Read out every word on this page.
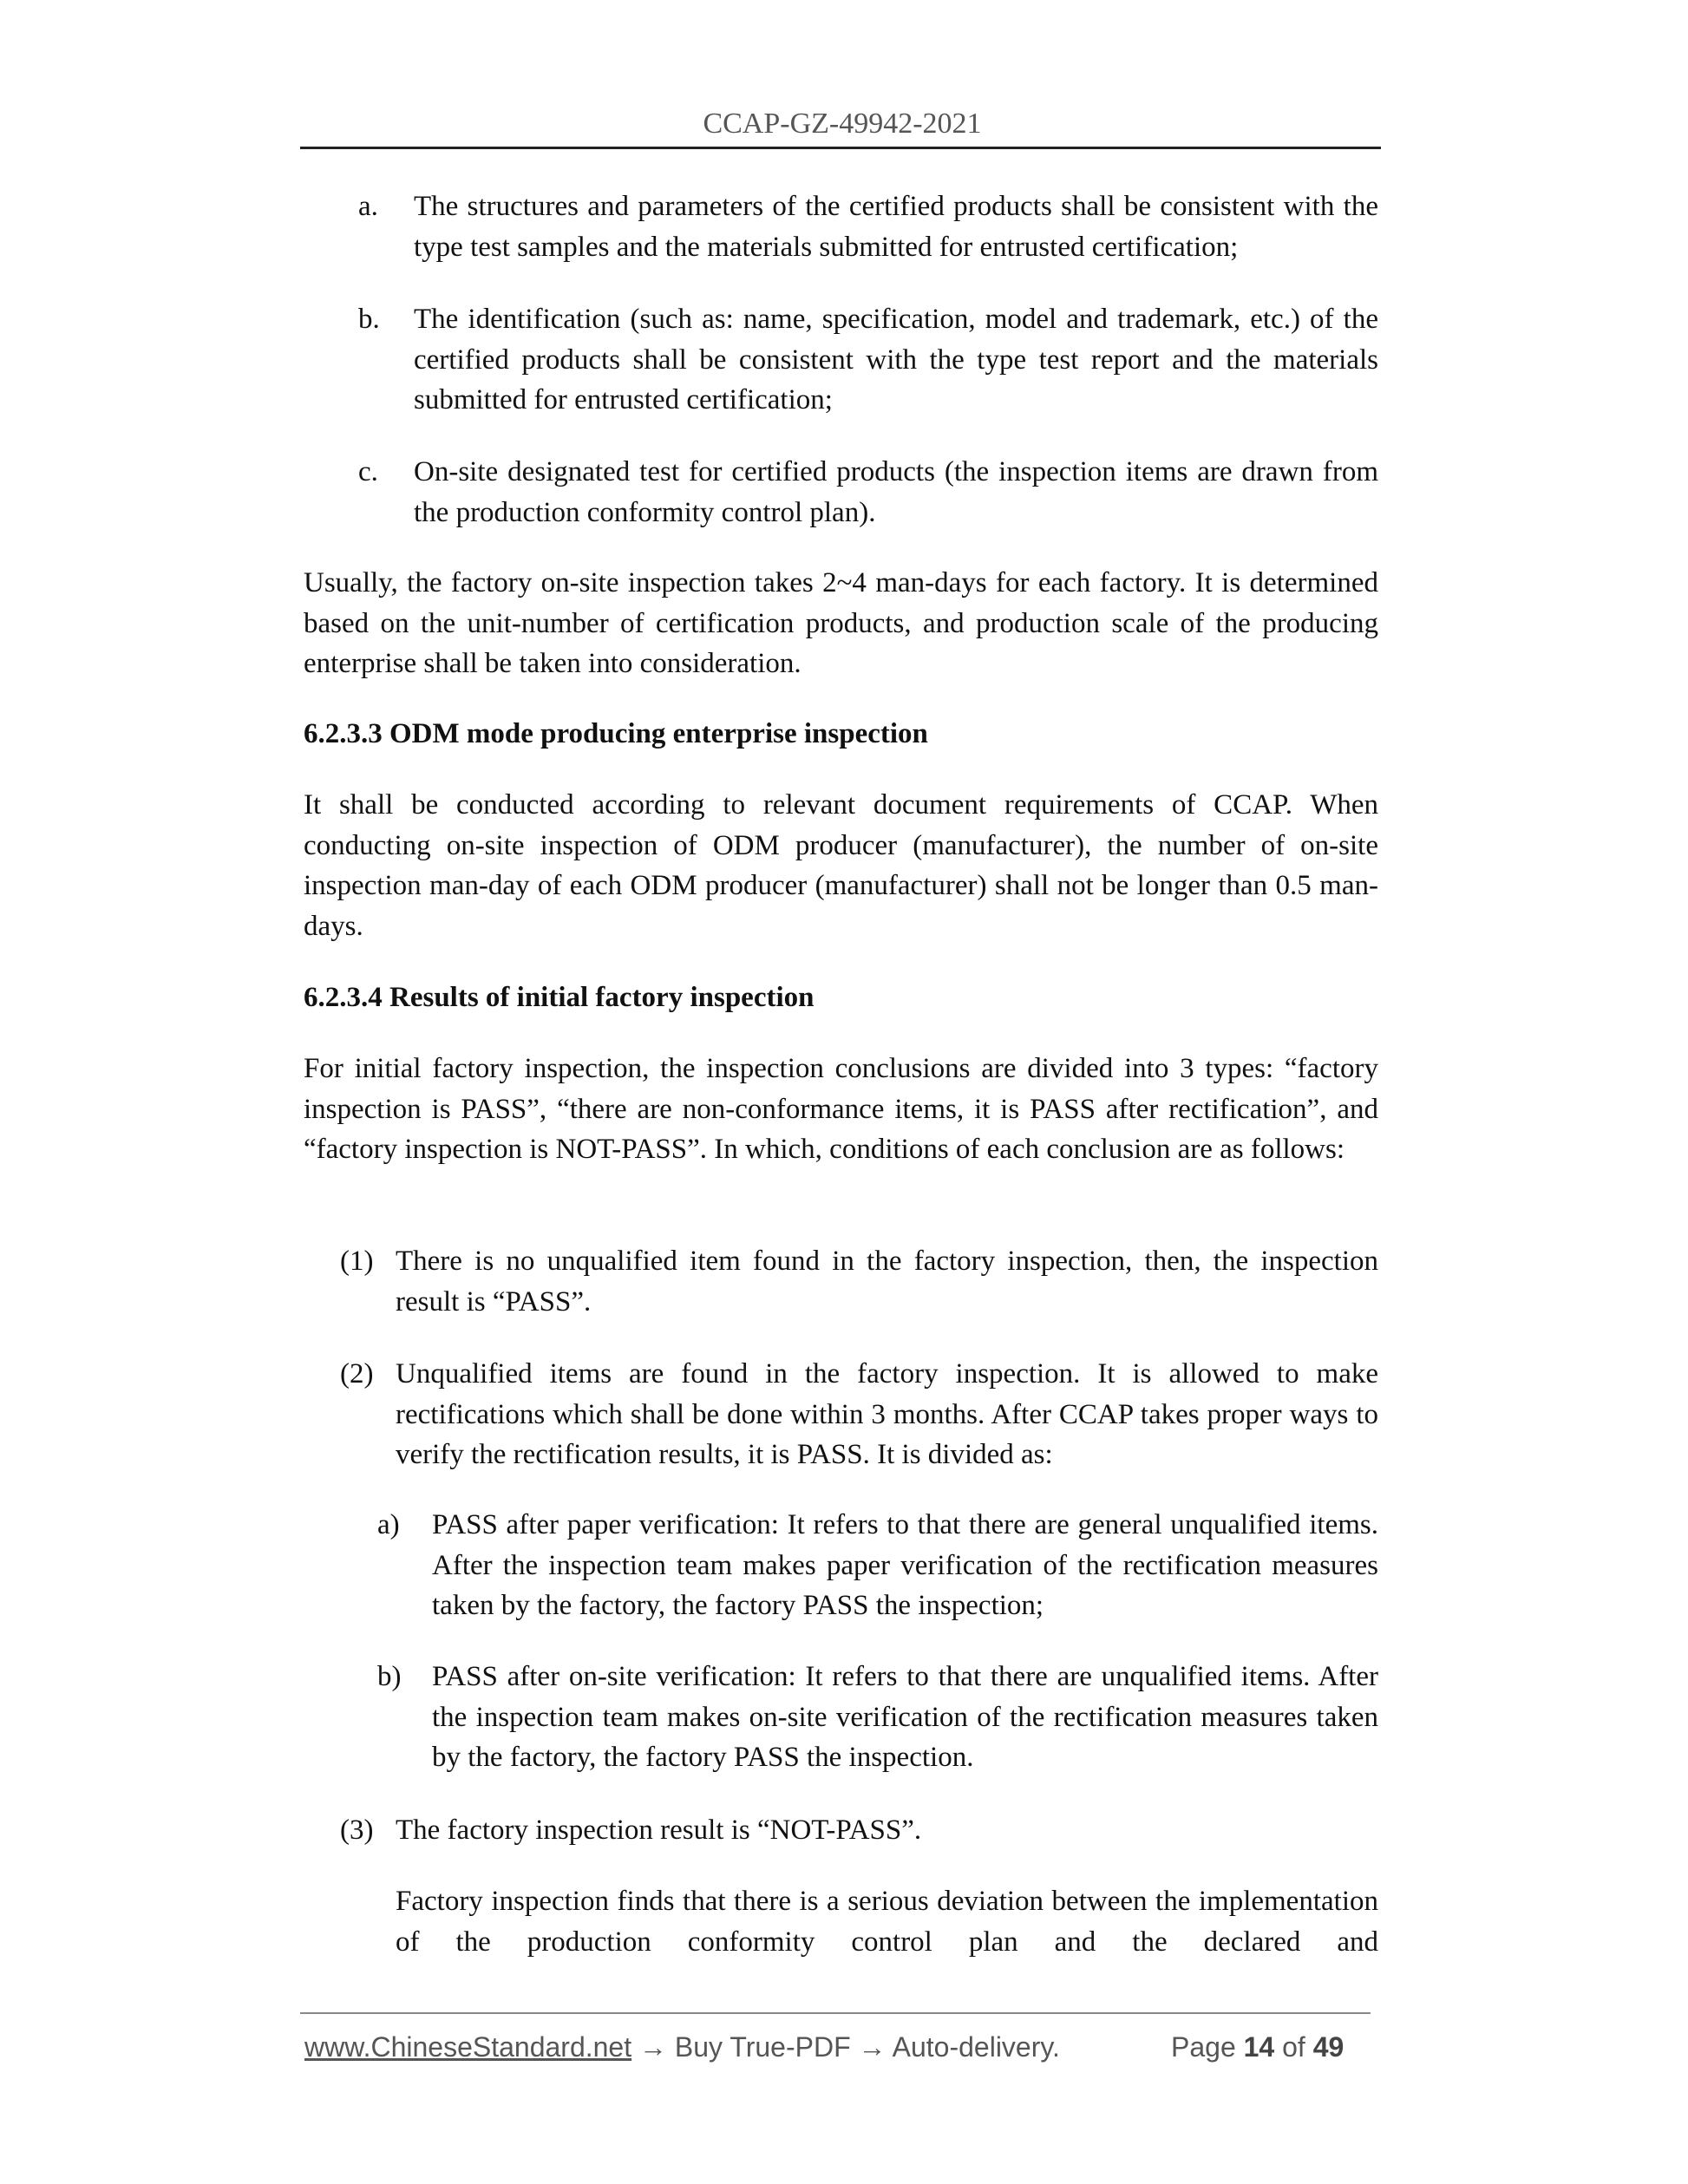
CCAP-GZ-49942-2021
a. The structures and parameters of the certified products shall be consistent with the type test samples and the materials submitted for entrusted certification;
b. The identification (such as: name, specification, model and trademark, etc.) of the certified products shall be consistent with the type test report and the materials submitted for entrusted certification;
c. On-site designated test for certified products (the inspection items are drawn from the production conformity control plan).
Usually, the factory on-site inspection takes 2~4 man-days for each factory. It is determined based on the unit-number of certification products, and production scale of the producing enterprise shall be taken into consideration.
6.2.3.3 ODM mode producing enterprise inspection
It shall be conducted according to relevant document requirements of CCAP. When conducting on-site inspection of ODM producer (manufacturer), the number of on-site inspection man-day of each ODM producer (manufacturer) shall not be longer than 0.5 man-days.
6.2.3.4 Results of initial factory inspection
For initial factory inspection, the inspection conclusions are divided into 3 types: “factory inspection is PASS”, “there are non-conformance items, it is PASS after rectification”, and “factory inspection is NOT-PASS”. In which, conditions of each conclusion are as follows:
(1) There is no unqualified item found in the factory inspection, then, the inspection result is “PASS”.
(2) Unqualified items are found in the factory inspection. It is allowed to make rectifications which shall be done within 3 months. After CCAP takes proper ways to verify the rectification results, it is PASS. It is divided as:
a) PASS after paper verification: It refers to that there are general unqualified items. After the inspection team makes paper verification of the rectification measures taken by the factory, the factory PASS the inspection;
b) PASS after on-site verification: It refers to that there are unqualified items. After the inspection team makes on-site verification of the rectification measures taken by the factory, the factory PASS the inspection.
(3) The factory inspection result is “NOT-PASS”.
Factory inspection finds that there is a serious deviation between the implementation of the production conformity control plan and the declared and
www.ChineseStandard.net → Buy True-PDF → Auto-delivery.	Page 14 of 49
